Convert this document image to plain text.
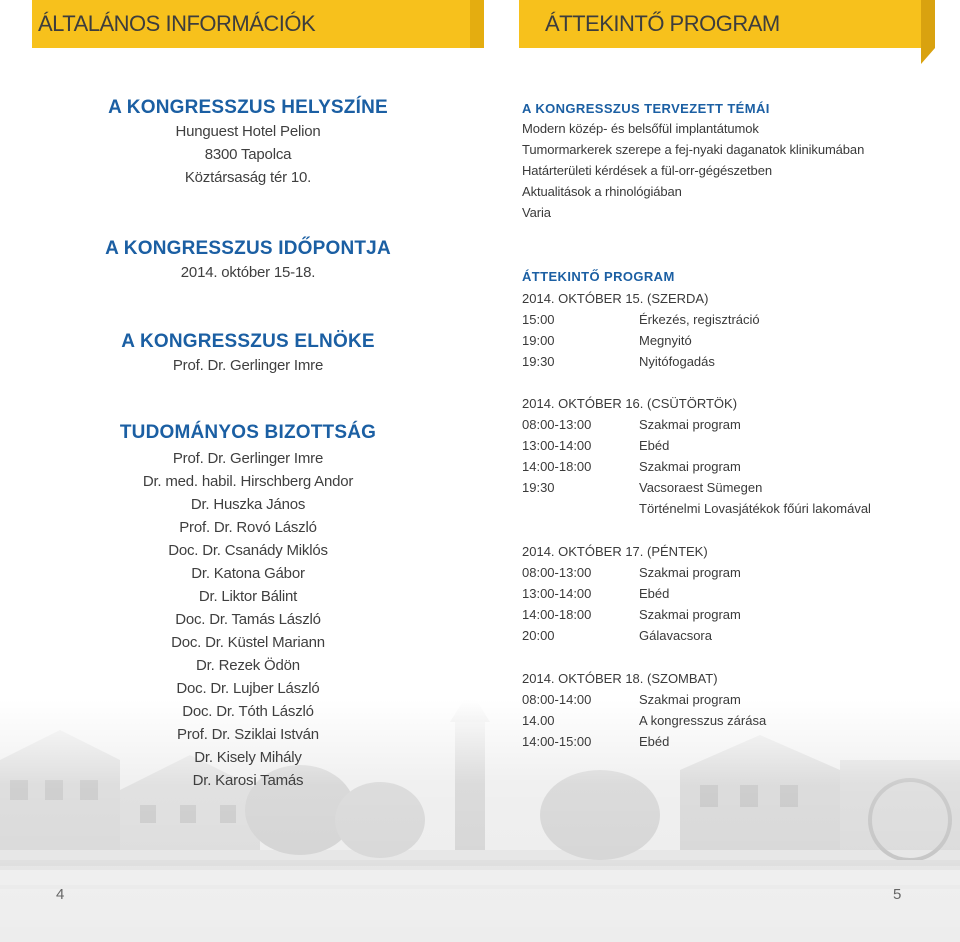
ÁLTALÁNOS INFORMÁCIÓK	ÁTTEKINTŐ PROGRAM
A KONGRESSZUS HELYSZÍNE
Hunguest Hotel Pelion
8300 Tapolca
Köztársaság tér 10.
A KONGRESSZUS IDŐPONTJA
2014. október 15-18.
A KONGRESSZUS ELNÖKE
Prof. Dr. Gerlinger Imre
TUDOMÁNYOS BIZOTTSÁG
Prof. Dr. Gerlinger Imre
Dr. med. habil. Hirschberg Andor
Dr. Huszka János
Prof. Dr. Rovó László
Doc. Dr. Csanády Miklós
Dr. Katona Gábor
Dr. Liktor Bálint
Doc. Dr. Tamás László
Doc. Dr. Küstel Mariann
Dr. Rezek Ödön
Doc. Dr. Lujber László
Doc. Dr. Tóth László
Prof. Dr. Sziklai István
Dr. Kisely Mihály
Dr. Karosi Tamás
A KONGRESSZUS TERVEZETT TÉMÁI
Modern közép- és belsőfül implantátumok
Tumormarkerek szerepe a fej-nyaki daganatok klinikumában
Határterületi kérdések a fül-orr-gégészetben
Aktualitások a rhinológiában
Varia
ÁTTEKINTŐ PROGRAM
2014. OKTÓBER 15. (SZERDA)
15:00	Érkezés, regisztráció
19:00	Megnyitó
19:30	Nyitófogadás
2014. OKTÓBER 16. (CSÜTÖRTÖK)
08:00-13:00	Szakmai program
13:00-14:00	Ebéd
14:00-18:00	Szakmai program
19:30	Vacsoraest Sümegen
Történelmi Lovasjátékok főúri lakomával
2014. OKTÓBER 17. (PÉNTEK)
08:00-13:00	Szakmai program
13:00-14:00	Ebéd
14:00-18:00	Szakmai program
20:00	Gálavacsora
2014. OKTÓBER 18. (SZOMBAT)
08:00-14:00	Szakmai program
14.00	A kongresszus zárása
14:00-15:00	Ebéd
4	5
